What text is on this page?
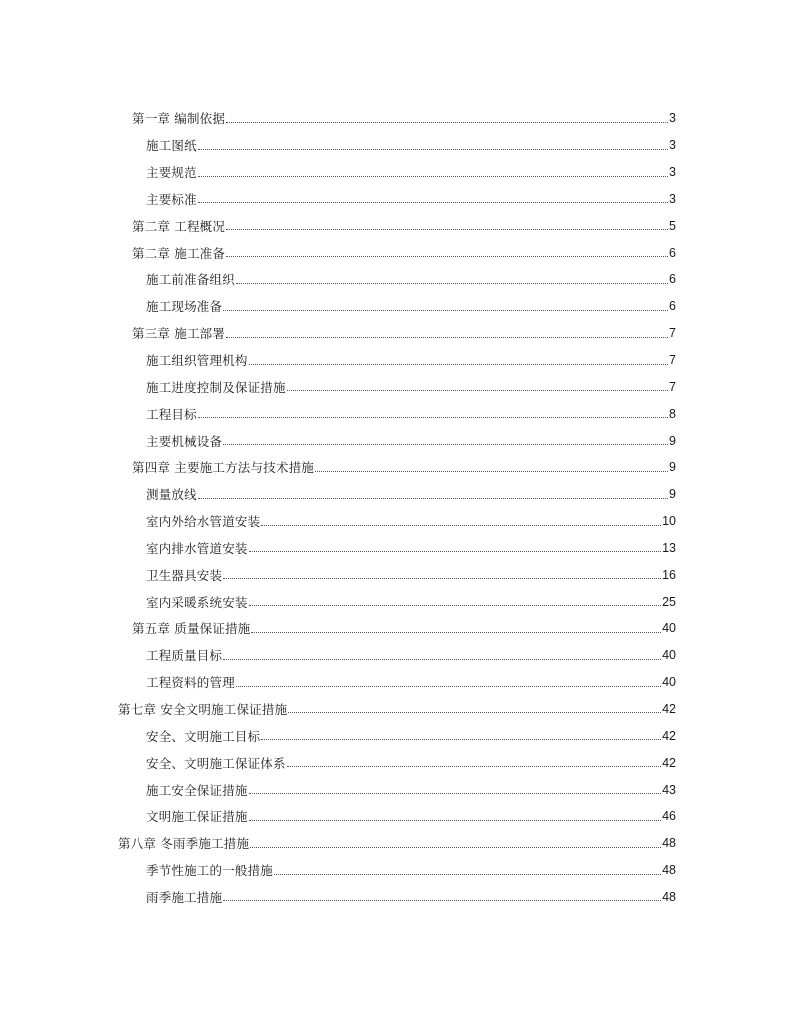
第一章 编制依据	3
施工图纸	3
主要规范	3
主要标准	3
第二章 工程概况	5
第二章 施工准备	6
施工前准备组织	6
施工现场准备	6
第三章 施工部署	7
施工组织管理机构	7
施工进度控制及保证措施	7
工程目标	8
主要机械设备	9
第四章 主要施工方法与技术措施	9
测量放线	9
室内外给水管道安装	10
室内排水管道安装	13
卫生器具安装	16
室内采暖系统安装	25
第五章 质量保证措施	40
工程质量目标	40
工程资料的管理	40
第七章 安全文明施工保证措施	42
安全、文明施工目标	42
安全、文明施工保证体系	42
施工安全保证措施	43
文明施工保证措施	46
第八章 冬雨季施工措施	48
季节性施工的一般措施	48
雨季施工措施	48
